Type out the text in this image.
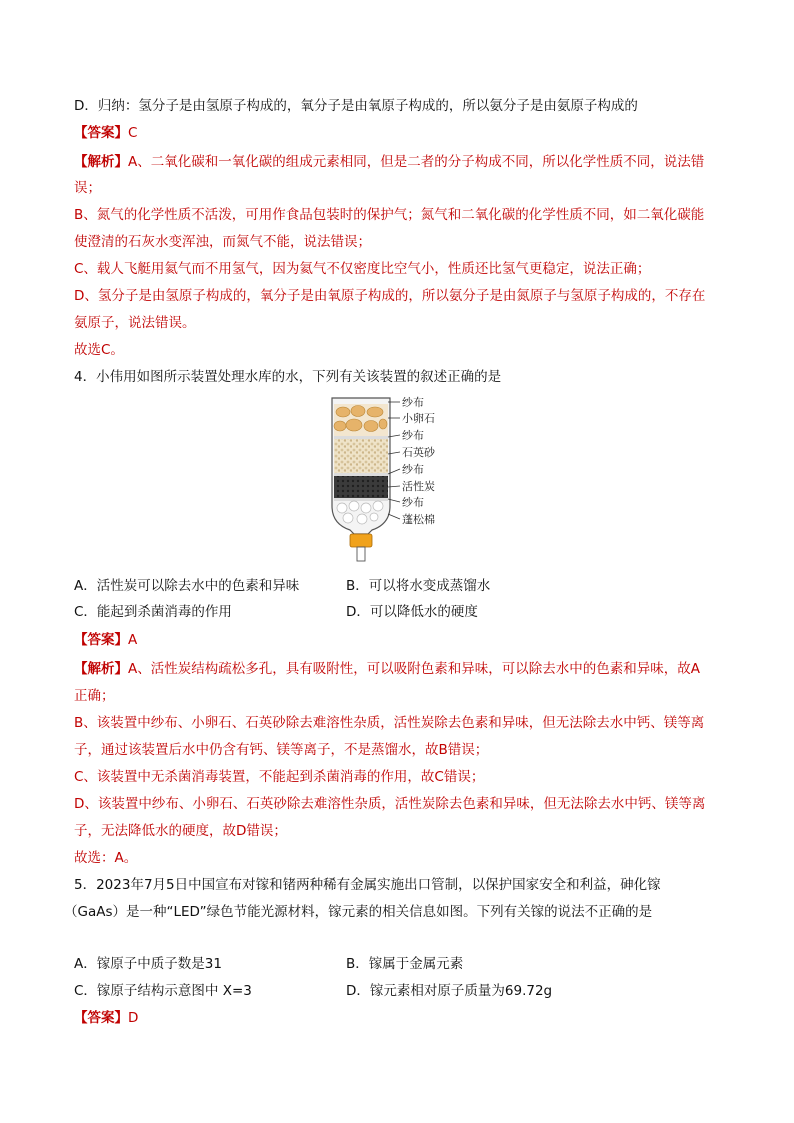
D．归纳：氢分子是由氢原子构成的，氧分子是由氧原子构成的，所以氨分子是由氨原子构成的
【答案】C
【解析】A、二氧化碳和一氧化碳的组成元素相同，但是二者的分子构成不同，所以化学性质不同，说法错
误；
B、氮气的化学性质不活泼，可用作食品包装时的保护气；氮气和二氧化碳的化学性质不同，如二氧化碳能
使澄清的石灰水变浑浊，而氮气不能，说法错误；
C、载人飞艇用氦气而不用氢气，因为氦气不仅密度比空气小，性质还比氢气更稳定，说法正确；
D、氢分子是由氢原子构成的，氧分子是由氧原子构成的，所以氨分子是由氮原子与氢原子构成的，不存在
氨原子，说法错误。
故选C。
4．小伟用如图所示装置处理水库的水，下列有关该装置的叙述正确的是
纱布
小卵石
纱布
石英砂
纱布
活性炭
纱布
蓬松棉
A．活性炭可以除去水中的色素和异味	B．可以将水变成蒸馏水
C．能起到杀菌消毒的作用	D．可以降低水的硬度
【答案】A
【解析】A、活性炭结构疏松多孔，具有吸附性，可以吸附色素和异味，可以除去水中的色素和异味，故A
正确；
B、该装置中纱布、小卵石、石英砂除去难溶性杂质，活性炭除去色素和异味，但无法除去水中钙、镁等离
子，通过该装置后水中仍含有钙、镁等离子，不是蒸馏水，故B错误；
C、该装置中无杀菌消毒装置，不能起到杀菌消毒的作用，故C错误；
D、该装置中纱布、小卵石、石英砂除去难溶性杂质，活性炭除去色素和异味，但无法除去水中钙、镁等离
子，无法降低水的硬度，故D错误；
故选：A。
5．2023年7月5日中国宣布对镓和锗两种稀有金属实施出口管制，以保护国家安全和利益，砷化镓
（GaAs）是一种“LED”绿色节能光源材料，镓元素的相关信息如图。下列有关镓的说法不正确的是
A．镓原子中质子数是31	B．镓属于金属元素
C．镓原子结构示意图中 X=3	D．镓元素相对原子质量为69.72g
【答案】D
